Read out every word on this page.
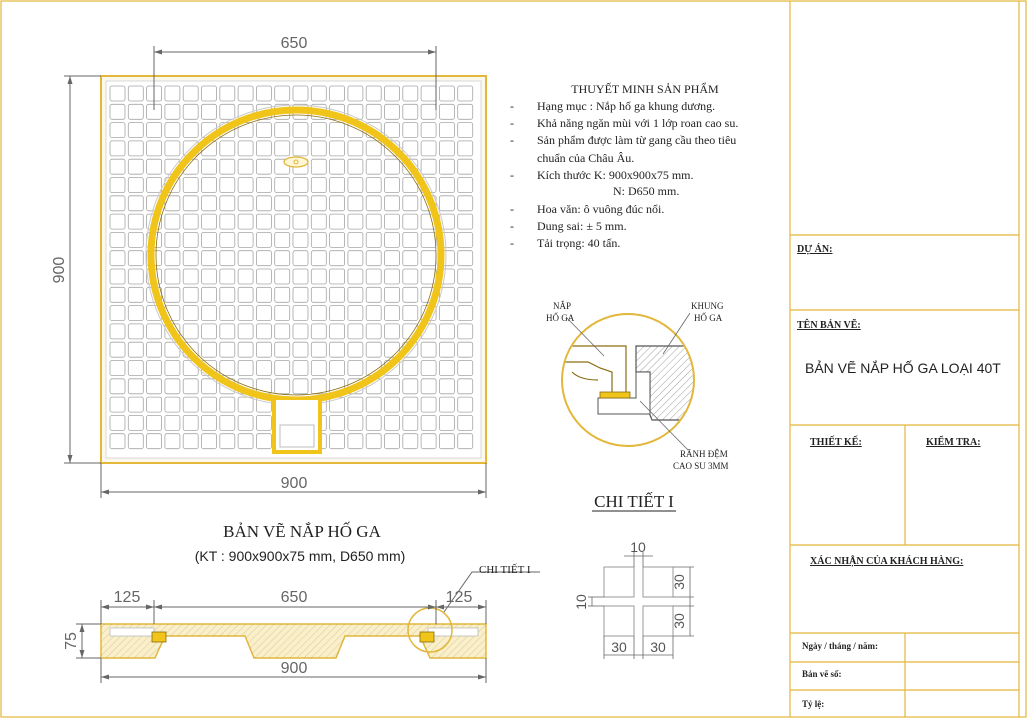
650
900
900
BẢN VẼ NẮP HỐ GA
(KT : 900x900x75 mm, D650 mm)
125	650	125
75
900
CHI TIẾT I
THUYẾT MINH SẢN PHẨM
- Hạng mục : Nắp hố ga khung dương.
- Khả năng ngăn mùi với 1 lớp roan cao su.
- Sản phẩm được làm từ gang cầu theo tiêu
chuẩn của Châu Âu.
- Kích thước K: 900x900x75 mm.
N: D650 mm.
- Hoa văn: ô vuông đúc nổi.
- Dung sai: ± 5 mm.
- Tải trọng: 40 tấn.
NẮP
HỐ GA
KHUNG
HỐ GA
RÃNH ĐỆM
CAO SU 3MM
CHI TIẾT I
10
10
30
30
30 30
DỰ ÁN:
TÊN BẢN VẼ:
BẢN VẼ NẮP HỐ GA LOẠI 40T
THIẾT KẾ:	KIỂM TRA:
XÁC NHẬN CỦA KHÁCH HÀNG:
Ngày / tháng / năm:
Bản vẽ số:
Tỷ lệ:
